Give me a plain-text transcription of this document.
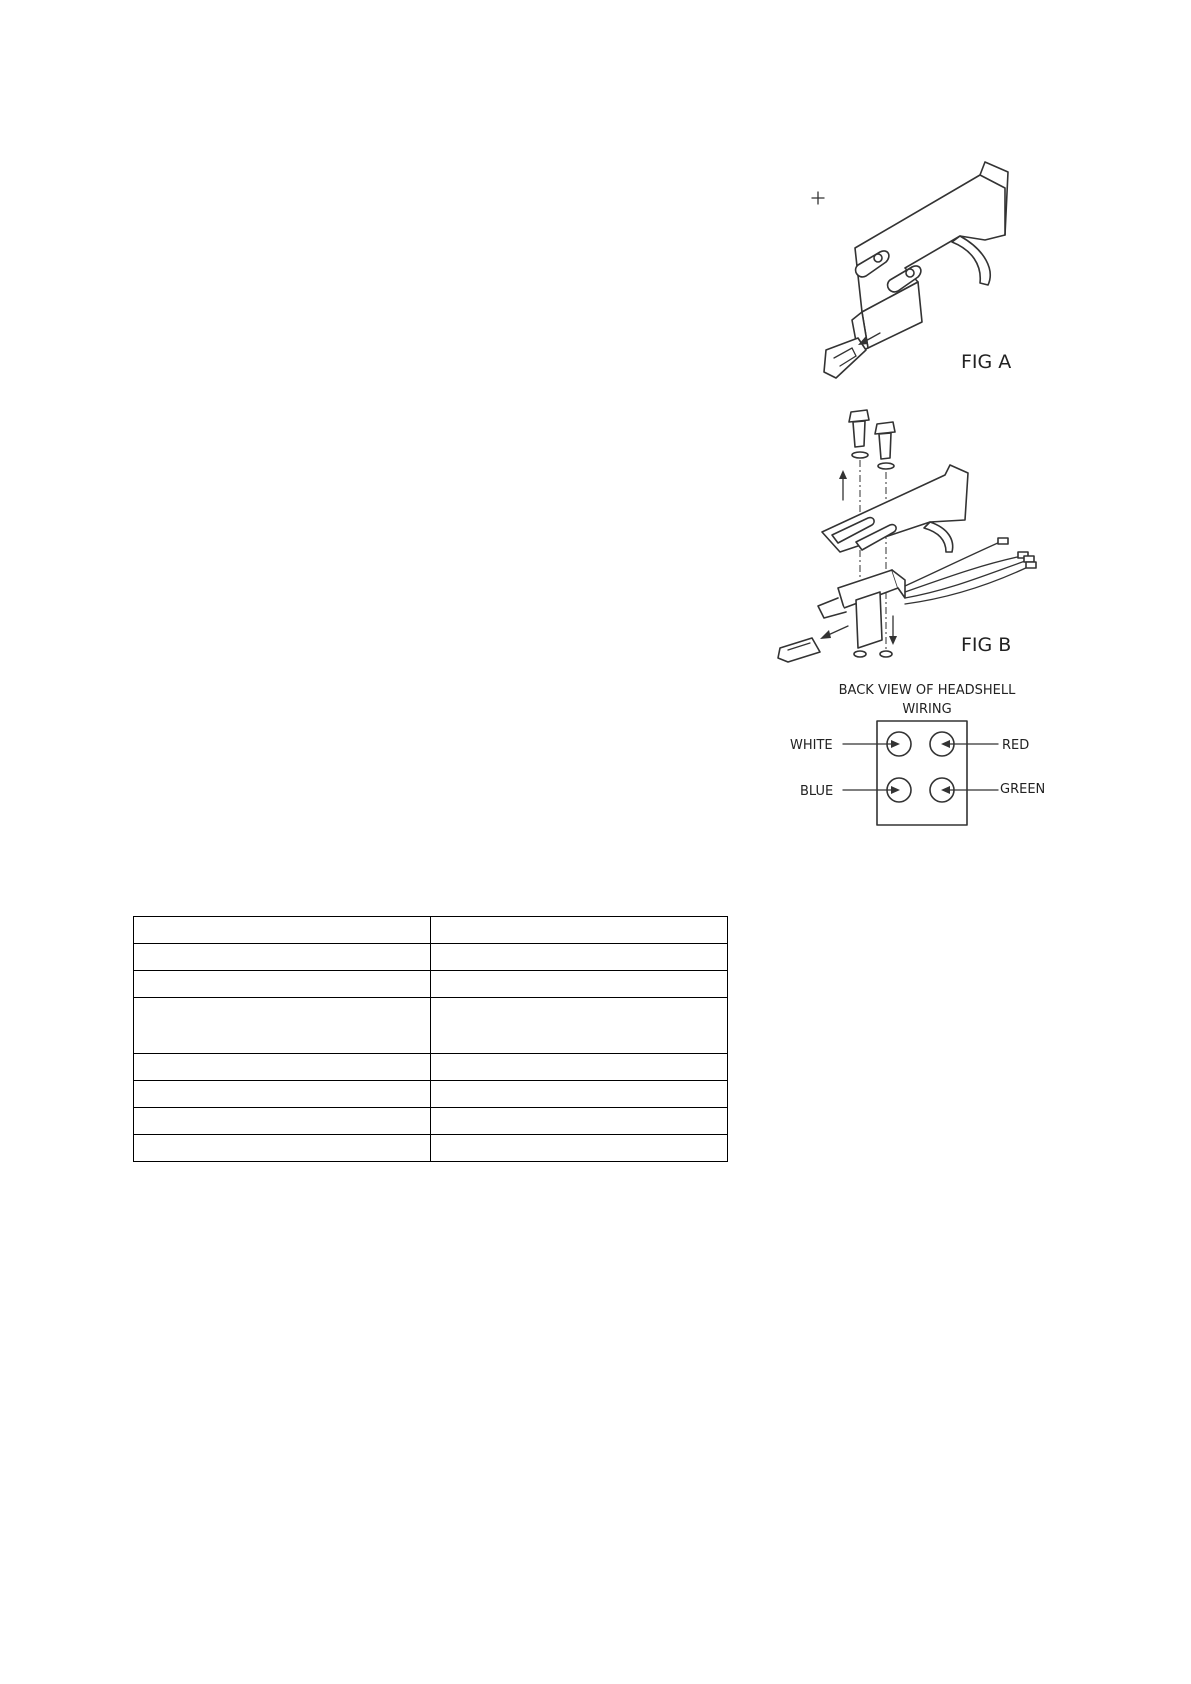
FIG A
FIG B
BACK VIEW OF HEADSHELL
WIRING
WHITE	RED
BLUE	GREEN
